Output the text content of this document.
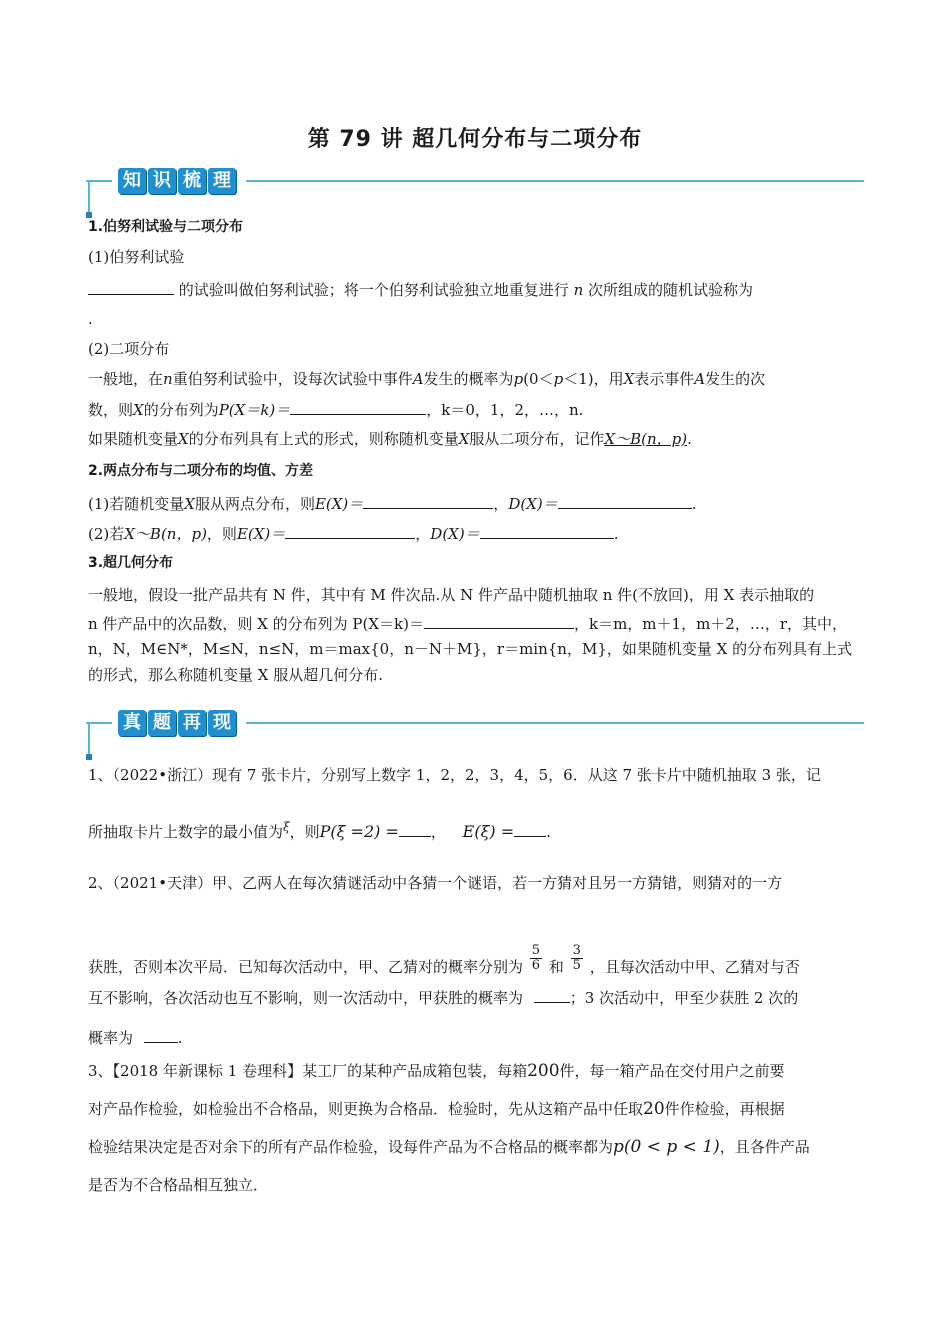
第 79 讲 超几何分布与二项分布
知 识 梳 理
1.伯努利试验与二项分布
(1)伯努利试验
的试验叫做伯努利试验；将一个伯努利试验独立地重复进行 n 次所组成的随机试验称为
.
(2)二项分布
一般地，在n重伯努利试验中，设每次试验中事件A发生的概率为p(0＜p＜1)，用X表示事件A发生的次
数，则X的分布列为P(X＝k)＝	，k＝0，1，2，…，n.
如果随机变量X的分布列具有上式的形式，则称随机变量X服从二项分布，记作X～B(n，p).
2.两点分布与二项分布的均值、方差
(1)若随机变量X服从两点分布，则E(X)＝	，D(X)＝	.
(2)若X～B(n，p)，则E(X)＝	，D(X)＝	.
3.超几何分布
一般地，假设一批产品共有 N 件，其中有 M 件次品.从 N 件产品中随机抽取 n 件(不放回)，用 X 表示抽取的
n 件产品中的次品数，则 X 的分布列为 P(X＝k)＝	，k＝m，m＋1，m＋2，…，r，其中，
n，N，M∈N*，M≤N，n≤N，m＝max{0，n－N＋M}，r＝min{n，M}，如果随机变量 X 的分布列具有上式
的形式，那么称随机变量 X 服从超几何分布.
真 题 再 现
1、（2022•浙江）现有 7 张卡片，分别写上数字 1，2，2，3，4，5，6．从这 7 张卡片中随机抽取 3 张，记
所抽取卡片上数字的最小值为$^\xi$，则P(ξ =2) = ， E(ξ) = .
2、（2021•天津）甲、乙两人在每次猜谜活动中各猜一个谜语，若一方猜对且另一方猜错，则猜对的一方
获胜，否则本次平局．已知每次活动中，甲、乙猜对的概率分别为 $\frac{5}{6}$ 和 $\frac{3}{5}$ ，且每次活动中甲、乙猜对与否
互不影响，各次活动也互不影响，则一次活动中，甲获胜的概率为	；3 次活动中，甲至少获胜 2 次的
概率为	.
3、【2018 年新课标 1 卷理科】某工厂的某种产品成箱包装，每箱200件，每一箱产品在交付用户之前要
对产品作检验，如检验出不合格品，则更换为合格品．检验时，先从这箱产品中任取20件作检验，再根据
检验结果决定是否对余下的所有产品作检验，设每件产品为不合格品的概率都为p(0 < p < 1)，且各件产品
是否为不合格品相互独立．
